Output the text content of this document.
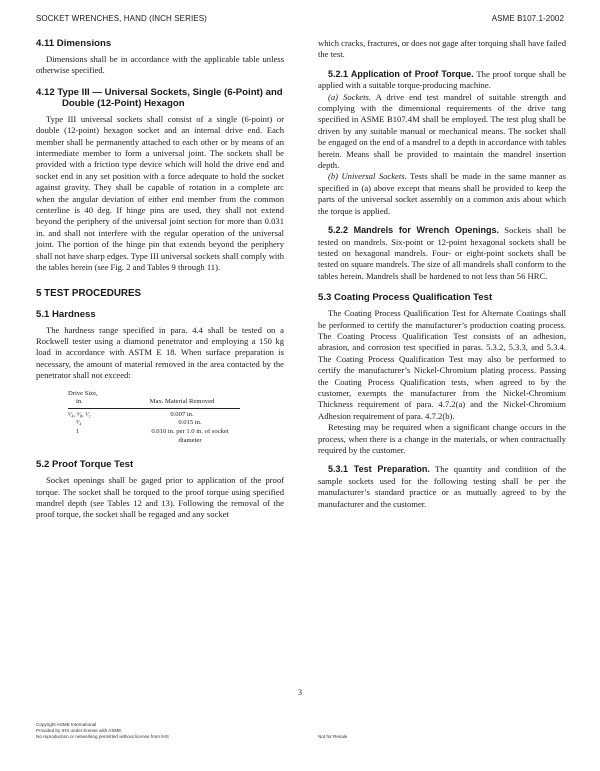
SOCKET WRENCHES, HAND (INCH SERIES)	ASME B107.1-2002
4.11 Dimensions

Dimensions shall be in accordance with the applicable table unless otherwise specified.

4.12 Type III — Universal Sockets, Single (6-Point) and Double (12-Point) Hexagon

Type III universal sockets shall consist of a single (6-point) or double (12-point) hexagon socket and an internal drive end. Each member shall be permanently attached to each other or by means of an intermediate member to form a universal joint. The sockets shall be provided with a friction type device which will hold the drive end and socket end in any set position with a force adequate to hold the socket against gravity. They shall be capable of rotation in a complete arc when the angular deviation of either end member from the common centerline is 40 deg. If hinge pins are used, they shall not extend beyond the periphery of the universal joint section for more than 0.031 in. and shall not interfere with the regular operation of the universal joint. The portion of the hinge pin that extends beyond the periphery shall not have sharp edges. Type III universal sockets shall comply with the tables herein (see Fig. 2 and Tables 9 through 11).

5 TEST PROCEDURES
5.1 Hardness

The hardness range specified in para. 4.4 shall be tested on a Rockwell tester using a diamond penetrator and employing a 150 kg load in accordance with ASTM E 18. When surface preparation is necessary, the amount of material removed in the area contacted by the penetrator shall not exceed:

Drive Size,
in.	Max. Material Removed
¹⁄₄, ³⁄₈, ¹⁄₂	0.007 in.
³⁄₄	0.015 in.
1	0.010 in. per 1.0 in. of socket diameter
5.2 Proof Torque Test

Socket openings shall be gaged prior to application of the proof torque. The socket shall be torqued to the proof torque using specified mandrel depth (see Tables 12 and 13). Following the removal of the proof torque, the socket shall be regaged and any socket

which cracks, fractures, or does not gage after torquing shall have failed the test.

5.2.1 Application of Proof Torque. The proof torque shall be applied with a suitable torque-producing machine.

(a) Sockets. A drive end test mandrel of suitable strength and complying with the dimensional requirements of the drive tang specified in ASME B107.4M shall be employed. The test plug shall be driven by any suitable manual or mechanical means. The socket shall be engaged on the end of a mandrel to a depth in accordance with tables herein. Means shall be provided to maintain the mandrel insertion depth.

(b) Universal Sockets. Tests shall be made in the same manner as specified in (a) above except that means shall be provided to keep the parts of the universal socket assembly on a common axis about which the torque is applied.

5.2.2 Mandrels for Wrench Openings. Sockets shall be tested on mandrels. Six-point or 12-point hexagonal sockets shall be tested on hexagonal mandrels. Four- or eight-point sockets shall be tested on square mandrels. The size of all mandrels shall conform to the tables herein. Mandrels shall be hardened to not less than 56 HRC.

5.3 Coating Process Qualification Test

The Coating Process Qualification Test for Alternate Coatings shall be performed to certify the manufacturer’s production coating process. The Coating Process Qualification Test consists of an adhesion, abrasion, and corrosion test specified in paras. 5.3.2, 5.3.3, and 5.3.4. The Coating Process Qualification Test may also be performed to certify the manufacturer’s Nickel-Chromium plating process. Passing the Coating Process Qualification tests, when agreed to by the customer, exempts the manufacturer from the Nickel-Chromium Thickness requirement of para. 4.7.2(a) and the Nickel-Chromium Adhesion requirement of para. 4.7.2(b).

Retesting may be required when a significant change occurs in the process, when there is a change in the materials, or when contractually required by the customer.

5.3.1 Test Preparation. The quantity and condition of the sample sockets used for the following testing shall be per the manufacturer’s standard practice or as mutually agreed to by the manufacturer and the customer.

3
Copyright ASME International
Provided by IHS under license with ASME
No reproduction or networking permitted without license from IHS	Not for Resale
